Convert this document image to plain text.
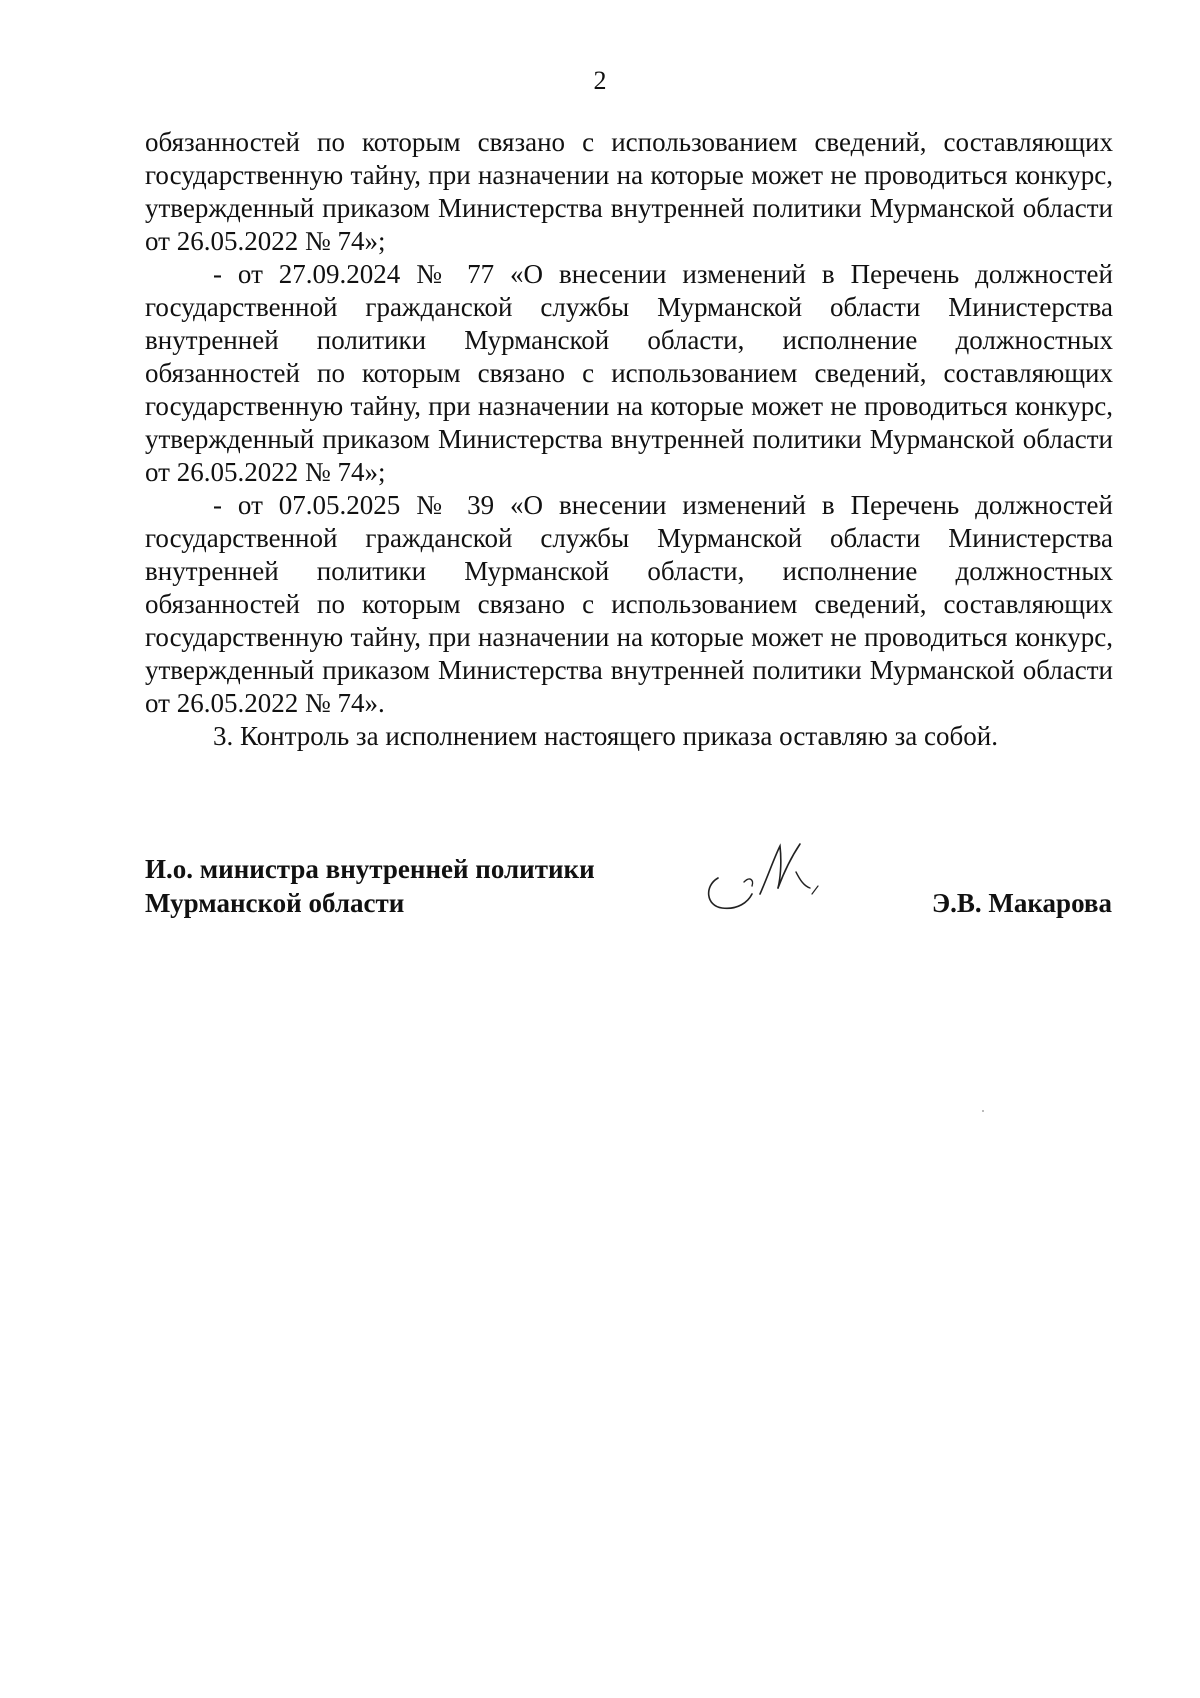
2

обязанностей по которым связано с использованием сведений, составляющих государственную тайну, при назначении на которые может не проводиться конкурс, утвержденный приказом Министерства внутренней политики Мурманской области от 26.05.2022 № 74»;

- от 27.09.2024 № 77 «О внесении изменений в Перечень должностей государственной гражданской службы Мурманской области Министерства внутренней политики Мурманской области, исполнение должностных обязанностей по которым связано с использованием сведений, составляющих государственную тайну, при назначении на которые может не проводиться конкурс, утвержденный приказом Министерства внутренней политики Мурманской области от 26.05.2022 № 74»;

- от 07.05.2025 № 39 «О внесении изменений в Перечень должностей государственной гражданской службы Мурманской области Министерства внутренней политики Мурманской области, исполнение должностных обязанностей по которым связано с использованием сведений, составляющих государственную тайну, при назначении на которые может не проводиться конкурс, утвержденный приказом Министерства внутренней политики Мурманской области от 26.05.2022 № 74».

3. Контроль за исполнением настоящего приказа оставляю за собой.

И.о. министра внутренней политики
Мурманской области	Э.В. Макарова
